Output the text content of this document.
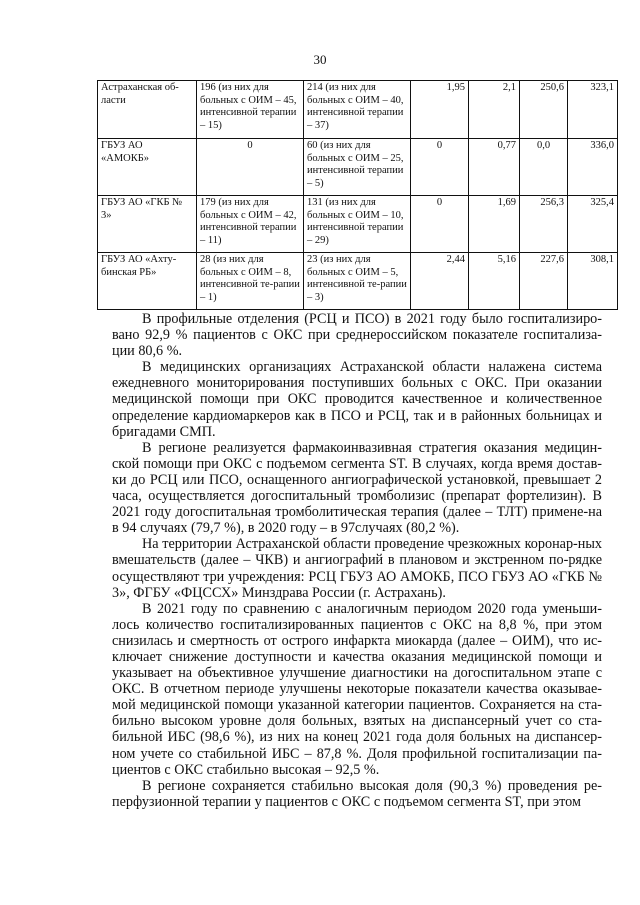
30
Астраханская об-ласти	196 (из них для больных с ОИМ – 45, интенсивной терапии – 15)	214 (из них для больных с ОИМ – 40, интенсивной терапии – 37)	1,95	2,1	250,6	323,1
ГБУЗ АО «АМОКБ»	0	60 (из них для больных с ОИМ – 25, интенсивной терапии – 5)	0	0,77	0,0	336,0
ГБУЗ АО «ГКБ № 3»	179 (из них для больных с ОИМ – 42, интенсивной терапии – 11)	131 (из них для больных с ОИМ – 10, интенсивной терапии – 29)	0	1,69	256,3	325,4
ГБУЗ АО «Ахту-бинская РБ»	28 (из них для больных с ОИМ – 8, интенсивной те-рапии – 1)	23 (из них для больных с ОИМ – 5, интенсивной те-рапии – 3)	2,44	5,16	227,6	308,1

В профильные отделения (РСЦ и ПСО) в 2021 году было госпитализиро-вано 92,9 % пациентов с ОКС при среднероссийском показателе госпитализа-ции 80,6 %.

В медицинских организациях Астраханской области налажена система ежедневного мониторирования поступивших больных с ОКС. При оказании медицинской помощи при ОКС проводится качественное и количественное определение кардиомаркеров как в ПСО и РСЦ, так и в районных больницах и бригадами СМП.

В регионе реализуется фармакоинвазивная стратегия оказания медицин-ской помощи при ОКС с подъемом сегмента ST. В случаях, когда время достав-ки до РСЦ или ПСО, оснащенного ангиографической установкой, превышает 2 часа, осуществляется догоспитальный тромболизис (препарат фортелизин). В 2021 году догоспитальная тромболитическая терапия (далее – ТЛТ) примене-на в 94 случаях (79,7 %), в 2020 году – в 97случаях (80,2 %).

На территории Астраханской области проведение чрезкожных коронар-ных вмешательств (далее – ЧКВ) и ангиографий в плановом и экстренном по-рядке осуществляют три учреждения: РСЦ ГБУЗ АО АМОКБ, ПСО ГБУЗ АО «ГКБ № 3», ФГБУ «ФЦССХ» Минздрава России (г. Астрахань).

В 2021 году по сравнению с аналогичным периодом 2020 года уменьши-лось количество госпитализированных пациентов с ОКС на 8,8 %, при этом снизилась и смертность от острого инфаркта миокарда (далее – ОИМ), что ис-ключает снижение доступности и качества оказания медицинской помощи и указывает на объективное улучшение диагностики на догоспитальном этапе с ОКС. В отчетном периоде улучшены некоторые показатели качества оказывае-мой медицинской помощи указанной категории пациентов. Сохраняется на ста-бильно высоком уровне доля больных, взятых на диспансерный учет со ста-бильной ИБС (98,6 %), из них на конец 2021 года доля больных на диспансер-ном учете со стабильной ИБС – 87,8 %. Доля профильной госпитализации па-циентов с ОКС стабильно высокая – 92,5 %.

В регионе сохраняется стабильно высокая доля (90,3 %) проведения ре-перфузионной терапии у пациентов с ОКС с подъемом сегмента ST, при этом
